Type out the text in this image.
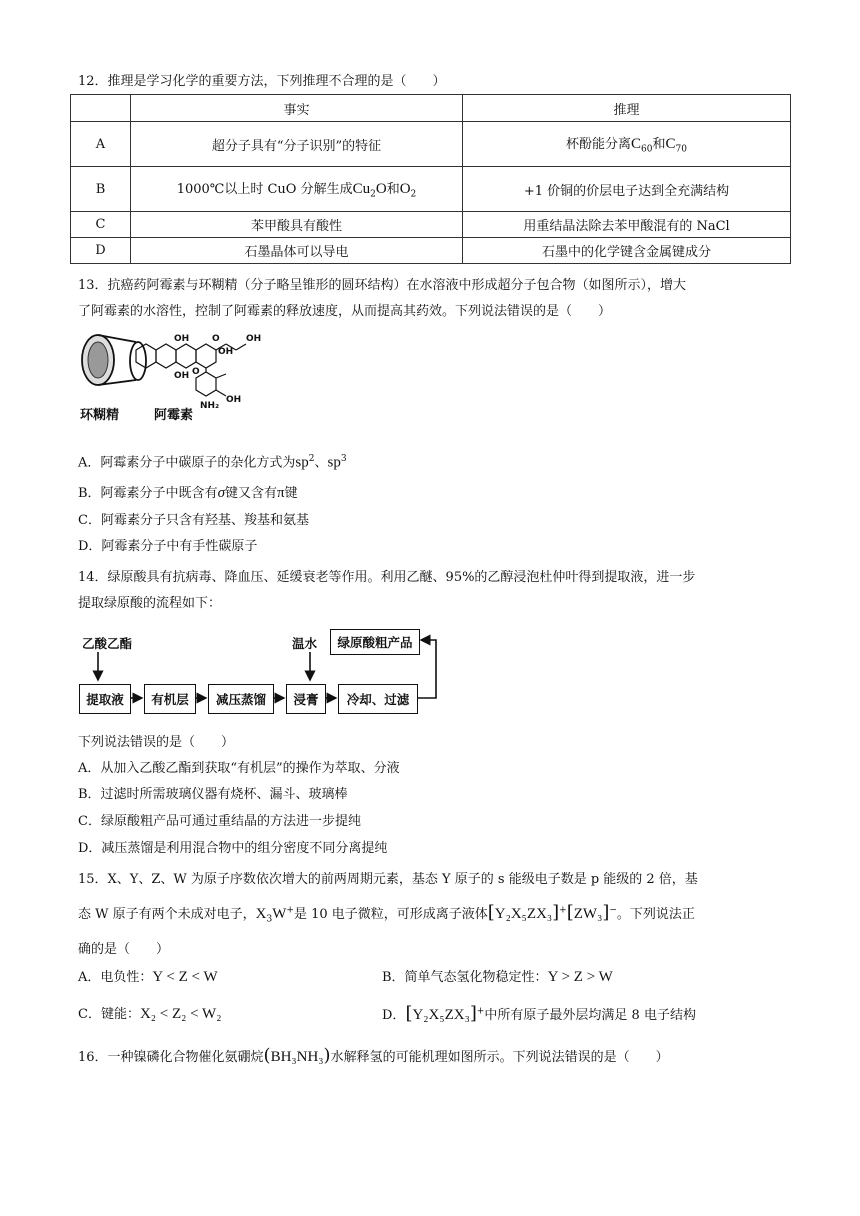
12．推理是学习化学的重要方法，下列推理不合理的是（　　）
	事实	推理
A	超分子具有“分子识别”的特征	杯酚能分离$C_{60}$和$C_{70}$
B	1000℃以上时 CuO 分解生成$Cu_2O$和$O_2$	+1 价铜的价层电子达到全充满结构
C	苯甲酸具有酸性	用重结晶法除去苯甲酸混有的 NaCl
D	石墨晶体可以导电	石墨中的化学键含金属键成分
13．抗癌药阿霉素与环糊精（分子略呈锥形的圆环结构）在水溶液中形成超分子包合物（如图所示），增大
了阿霉素的水溶性，控制了阿霉素的释放速度，从而提高其药效。下列说法错误的是（　　）
OH	O	OH
OH
OH O
OH
NH₂
环糊精	阿霉素
A．阿霉素分子中碳原子的杂化方式为$sp^2$、$sp^3$
B．阿霉素分子中既含有σ键又含有π键
C．阿霉素分子只含有羟基、羧基和氨基
D．阿霉素分子中有手性碳原子
14．绿原酸具有抗病毒、降血压、延缓衰老等作用。利用乙醚、95%的乙醇浸泡杜仲叶得到提取液，进一步
提取绿原酸的流程如下：
乙酸乙酯	温水	绿原酸粗产品
提取液	有机层	减压蒸馏	浸膏	冷却、过滤
下列说法错误的是（　　）
A．从加入乙酸乙酯到获取“有机层”的操作为萃取、分液
B．过滤时所需玻璃仪器有烧杯、漏斗、玻璃棒
C．绿原酸粗产品可通过重结晶的方法进一步提纯
D．减压蒸馏是利用混合物中的组分密度不同分离提纯
15．X、Y、Z、W 为原子序数依次增大的前两周期元素，基态 Y 原子的 s 能级电子数是 p 能级的 2 倍，基
态 W 原子有两个未成对电子，$X_3W^+$是 10 电子微粒，可形成离子液体[Y₂X₅ZX₃]+[ZW₃]−。下列说法正
确的是（　　）
A．电负性：Y < Z < W	B．简单气态氢化物稳定性：Y > Z > W
C．键能：X₂ < Z₂ < W₂	D．[Y₂X₅ZX₃]+中所有原子最外层均满足 8 电子结构
16．一种镍磷化合物催化氨硼烷(BH₃NH₃)水解释氢的可能机理如图所示。下列说法错误的是（　　）
